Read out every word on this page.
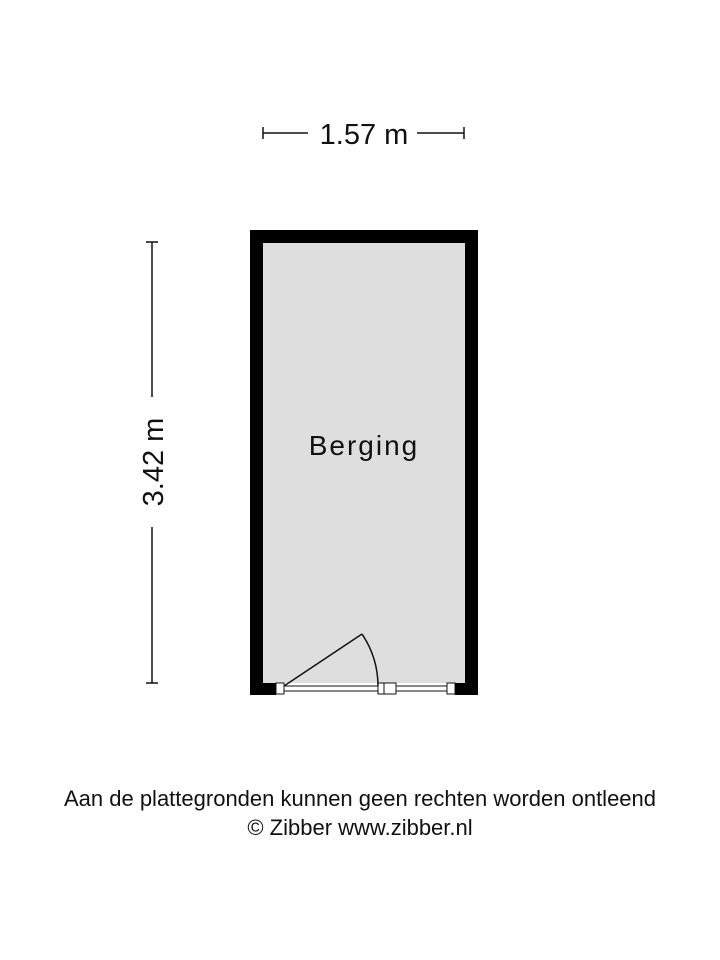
1.57 m
3.42 m	Berging
Aan de plattegronden kunnen geen rechten worden ontleend
© Zibber www.zibber.nl
